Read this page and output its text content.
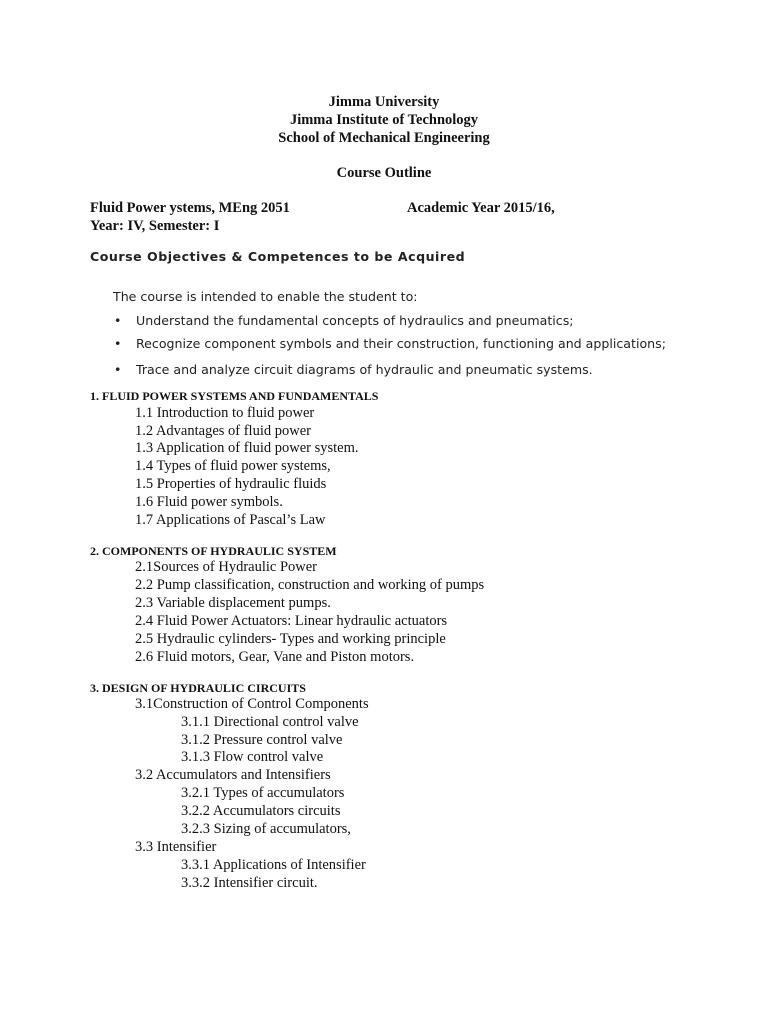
Jimma University
Jimma Institute of Technology
School of Mechanical Engineering
Course Outline
Fluid Power ystems, MEng 2051	Academic Year 2015/16,
Year: IV, Semester: I
Course Objectives & Competences to be Acquired
The course is intended to enable the student to:
• Understand the fundamental concepts of hydraulics and pneumatics;
• Recognize component symbols and their construction, functioning and applications;
• Trace and analyze circuit diagrams of hydraulic and pneumatic systems.
1. FLUID POWER SYSTEMS AND FUNDAMENTALS
1.1 Introduction to fluid power
1.2 Advantages of fluid power
1.3 Application of fluid power system.
1.4 Types of fluid power systems,
1.5 Properties of hydraulic fluids
1.6 Fluid power symbols.
1.7 Applications of Pascal’s Law
2. COMPONENTS OF HYDRAULIC SYSTEM
2.1Sources of Hydraulic Power
2.2 Pump classification, construction and working of pumps
2.3 Variable displacement pumps.
2.4 Fluid Power Actuators: Linear hydraulic actuators
2.5 Hydraulic cylinders- Types and working principle
2.6 Fluid motors, Gear, Vane and Piston motors.
3. DESIGN OF HYDRAULIC CIRCUITS
3.1Construction of Control Components
3.1.1 Directional control valve
3.1.2 Pressure control valve
3.1.3 Flow control valve
3.2 Accumulators and Intensifiers
3.2.1 Types of accumulators
3.2.2 Accumulators circuits
3.2.3 Sizing of accumulators,
3.3 Intensifier
3.3.1 Applications of Intensifier
3.3.2 Intensifier circuit.
